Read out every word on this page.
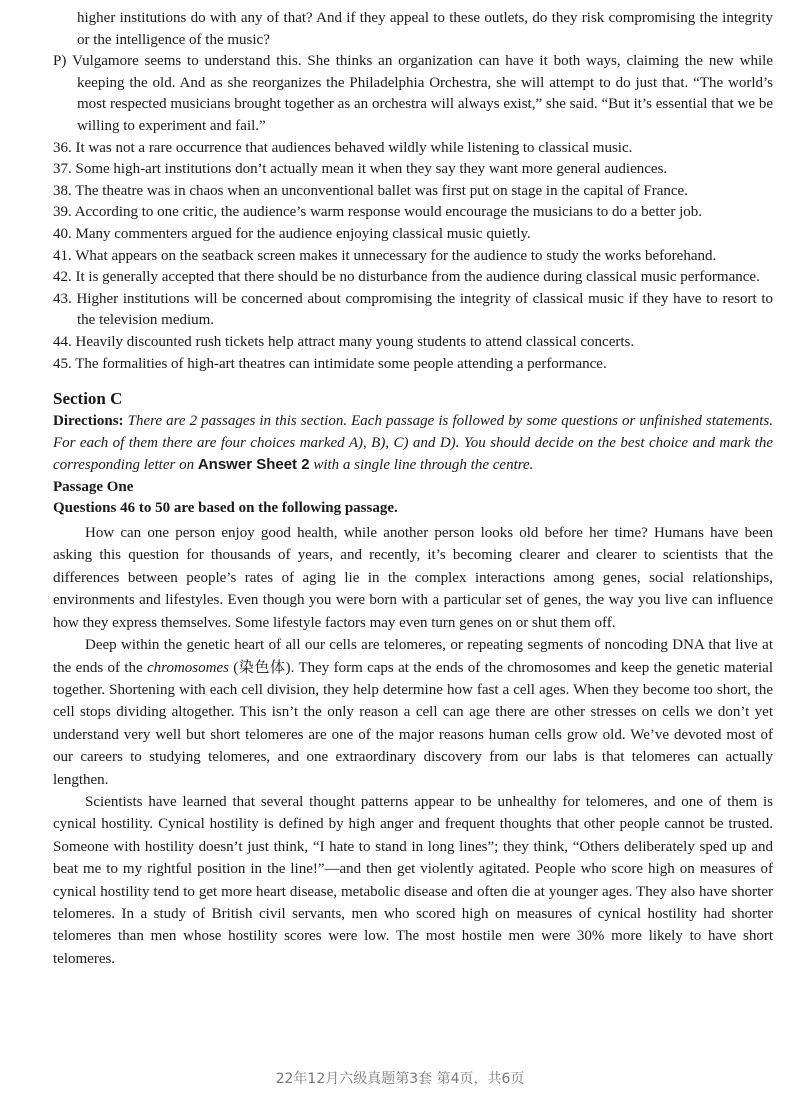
higher institutions do with any of that? And if they appeal to these outlets, do they risk compromising the integrity or the intelligence of the music?

P) Vulgamore seems to understand this. She thinks an organization can have it both ways, claiming the new while keeping the old. And as she reorganizes the Philadelphia Orchestra, she will attempt to do just that. “The world’s most respected musicians brought together as an orchestra will always exist,” she said. “But it’s essential that we be willing to experiment and fail.”

36. It was not a rare occurrence that audiences behaved wildly while listening to classical music.

37. Some high-art institutions don’t actually mean it when they say they want more general audiences.

38. The theatre was in chaos when an unconventional ballet was first put on stage in the capital of France.

39. According to one critic, the audience’s warm response would encourage the musicians to do a better job.

40. Many commenters argued for the audience enjoying classical music quietly.

41. What appears on the seatback screen makes it unnecessary for the audience to study the works beforehand.

42. It is generally accepted that there should be no disturbance from the audience during classical music performance.

43. Higher institutions will be concerned about compromising the integrity of classical music if they have to resort to the television medium.

44. Heavily discounted rush tickets help attract many young students to attend classical concerts.

45. The formalities of high-art theatres can intimidate some people attending a performance.

Section C

Directions: There are 2 passages in this section. Each passage is followed by some questions or unfinished statements. For each of them there are four choices marked A), B), C) and D). You should decide on the best choice and mark the corresponding letter on Answer Sheet 2 with a single line through the centre.

Passage One
Questions 46 to 50 are based on the following passage.

How can one person enjoy good health, while another person looks old before her time? Humans have been asking this question for thousands of years, and recently, it’s becoming clearer and clearer to scientists that the differences between people’s rates of aging lie in the complex interactions among genes, social relationships, environments and lifestyles. Even though you were born with a particular set of genes, the way you live can influence how they express themselves. Some lifestyle factors may even turn genes on or shut them off.

Deep within the genetic heart of all our cells are telomeres, or repeating segments of noncoding DNA that live at the ends of the chromosomes (染色体). They form caps at the ends of the chromosomes and keep the genetic material together. Shortening with each cell division, they help determine how fast a cell ages. When they become too short, the cell stops dividing altogether. This isn’t the only reason a cell can age there are other stresses on cells we don’t yet understand very well but short telomeres are one of the major reasons human cells grow old. We’ve devoted most of our careers to studying telomeres, and one extraordinary discovery from our labs is that telomeres can actually lengthen.

Scientists have learned that several thought patterns appear to be unhealthy for telomeres, and one of them is cynical hostility. Cynical hostility is defined by high anger and frequent thoughts that other people cannot be trusted. Someone with hostility doesn’t just think, “I hate to stand in long lines”; they think, “Others deliberately sped up and beat me to my rightful position in the line!”—and then get violently agitated. People who score high on measures of cynical hostility tend to get more heart disease, metabolic disease and often die at younger ages. They also have shorter telomeres. In a study of British civil servants, men who scored high on measures of cynical hostility had shorter telomeres than men whose hostility scores were low. The most hostile men were 30% more likely to have short telomeres.

22年12月六级真题第3套 第4页，共6页
